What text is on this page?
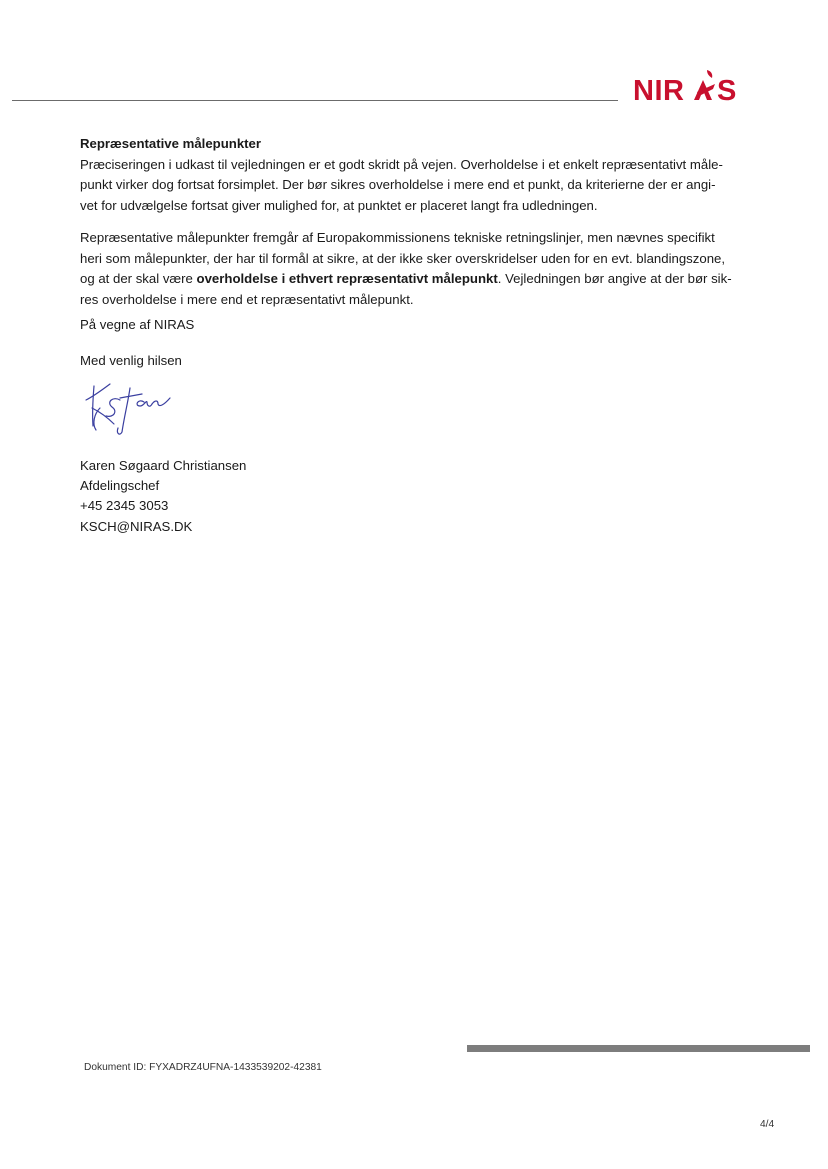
NIR S

Repræsentative målepunkter
Præciseringen i udkast til vejledningen er et godt skridt på vejen. Overholdelse i et enkelt repræsentativt måle-
punkt virker dog fortsat forsimplet. Der bør sikres overholdelse i mere end et punkt, da kriterierne der er angi-
vet for udvælgelse fortsat giver mulighed for, at punktet er placeret langt fra udledningen.

Repræsentative målepunkter fremgår af Europakommissionens tekniske retningslinjer, men nævnes specifikt
heri som målepunkter, der har til formål at sikre, at der ikke sker overskridelser uden for en evt. blandingszone,
og at der skal være overholdelse i ethvert repræsentativt målepunkt. Vejledningen bør angive at der bør sik-
res overholdelse i mere end et repræsentativt målepunkt.

På vegne af NIRAS
Med venlig hilsen
Karen Søgaard Christiansen
Afdelingschef
+45 2345 3053
KSCH@NIRAS.DK
Dokument ID: FYXADRZ4UFNA-1433539202-42381
4/4
